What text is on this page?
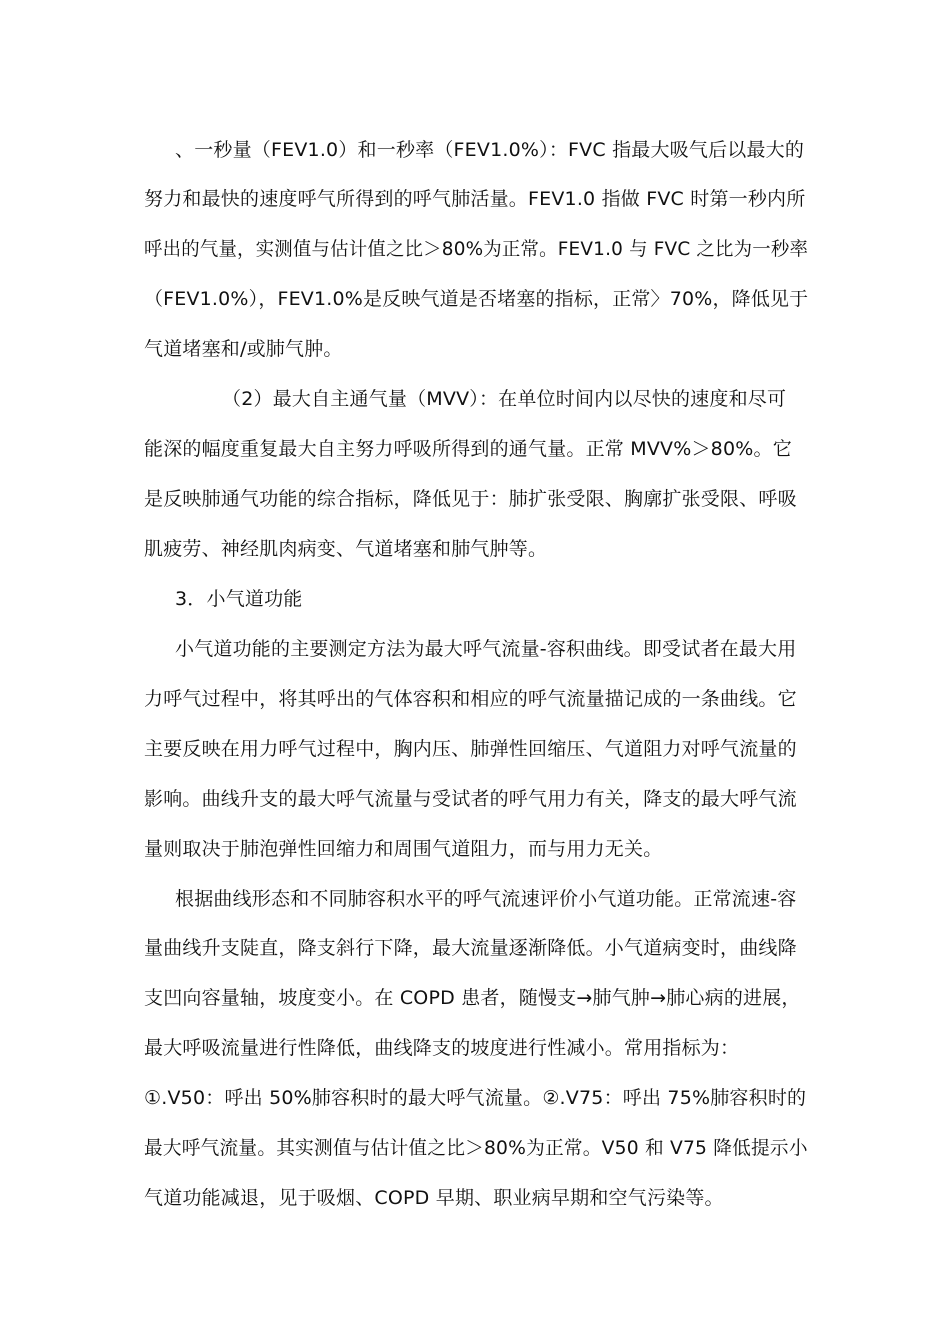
、一秒量（FEV1.0）和一秒率（FEV1.0%）：FVC 指最大吸气后以最大的
努力和最快的速度呼气所得到的呼气肺活量。FEV1.0 指做 FVC 时第一秒内所
呼出的气量，实测值与估计值之比＞80%为正常。FEV1.0 与 FVC 之比为一秒率
（FEV1.0%），FEV1.0%是反映气道是否堵塞的指标，正常〉70%，降低见于
气道堵塞和/或肺气肿。
（2）最大自主通气量（MVV）：在单位时间内以尽快的速度和尽可
能深的幅度重复最大自主努力呼吸所得到的通气量。正常 MVV%＞80%。它
是反映肺通气功能的综合指标，降低见于：肺扩张受限、胸廓扩张受限、呼吸
肌疲劳、神经肌肉病变、气道堵塞和肺气肿等。
3．小气道功能
小气道功能的主要测定方法为最大呼气流量-容积曲线。即受试者在最大用
力呼气过程中，将其呼出的气体容积和相应的呼气流量描记成的一条曲线。它
主要反映在用力呼气过程中，胸内压、肺弹性回缩压、气道阻力对呼气流量的
影响。曲线升支的最大呼气流量与受试者的呼气用力有关，降支的最大呼气流
量则取决于肺泡弹性回缩力和周围气道阻力，而与用力无关。
根据曲线形态和不同肺容积水平的呼气流速评价小气道功能。正常流速-容
量曲线升支陡直，降支斜行下降，最大流量逐渐降低。小气道病变时，曲线降
支凹向容量轴，坡度变小。在 COPD 患者，随慢支→肺气肿→肺心病的进展，
最大呼吸流量进行性降低，曲线降支的坡度进行性减小。常用指标为：
①.V50：呼出 50%肺容积时的最大呼气流量。②.V75：呼出 75%肺容积时的
最大呼气流量。其实测值与估计值之比＞80%为正常。V50 和 V75 降低提示小
气道功能减退，见于吸烟、COPD 早期、职业病早期和空气污染等。
